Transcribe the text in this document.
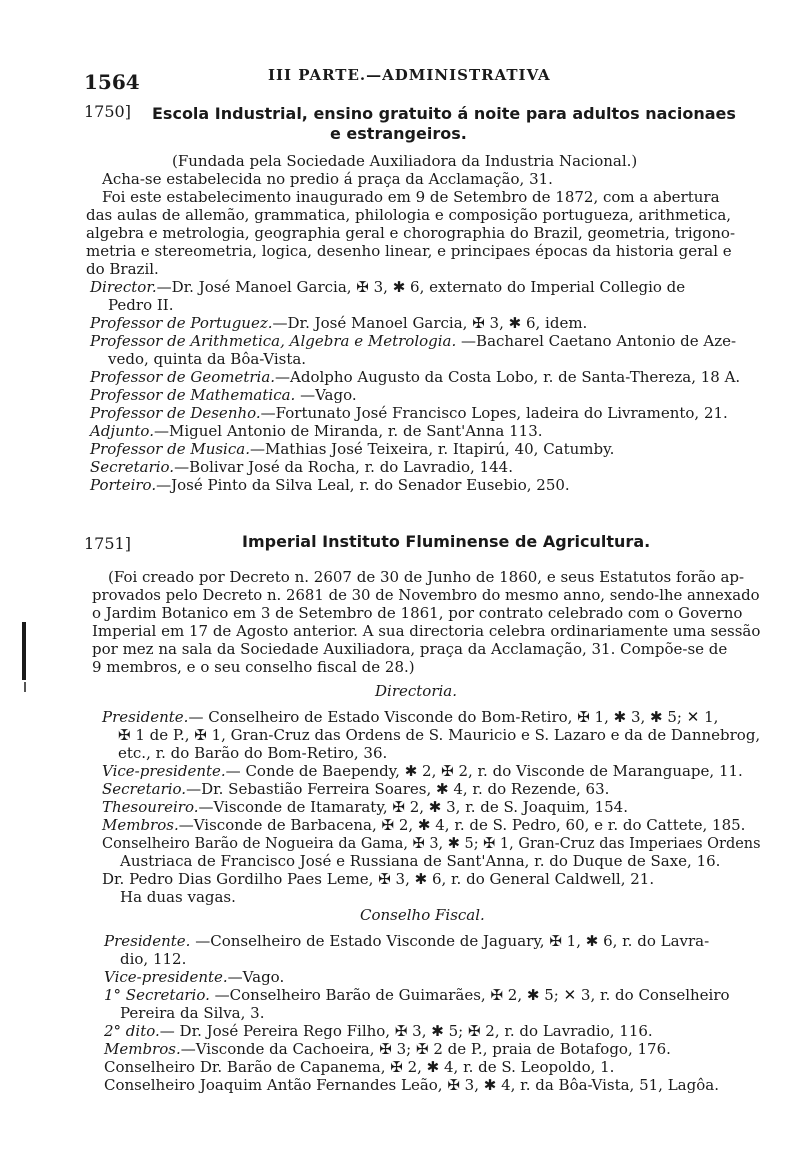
1564	III PARTE.—ADMINISTRATIVA
1750] Escola Industrial, ensino gratuito á noite para adultos nacionaes
e estrangeiros.
(Fundada pela Sociedade Auxiliadora da Industria Nacional.)
Acha-se estabelecida no predio á praça da Acclamação, 31.
Foi este estabelecimento inaugurado em 9 de Setembro de 1872, com a abertura
das aulas de allemão, grammatica, philologia e composição portugueza, arithmetica,
algebra e metrologia, geographia geral e chorographia do Brazil, geometria, trigono-
metria e stereometria, logica, desenho linear, e principaes épocas da historia geral e
do Brazil.
Director.—Dr. José Manoel Garcia, ✠ 3, ✱ 6, externato do Imperial Collegio de
Pedro II.
Professor de Portuguez.—Dr. José Manoel Garcia, ✠ 3, ✱ 6, idem.
Professor de Arithmetica, Algebra e Metrologia. —Bacharel Caetano Antonio de Aze-
vedo, quinta da Bôa-Vista.
Professor de Geometria.—Adolpho Augusto da Costa Lobo, r. de Santa-Thereza, 18 A.
Professor de Mathematica. —Vago.
Professor de Desenho.—Fortunato José Francisco Lopes, ladeira do Livramento, 21.
Adjunto.—Miguel Antonio de Miranda, r. de Sant'Anna 113.
Professor de Musica.—Mathias José Teixeira, r. Itapirú, 40, Catumby.
Secretario.—Bolivar José da Rocha, r. do Lavradio, 144.
Porteiro.—José Pinto da Silva Leal, r. do Senador Eusebio, 250.
1751]	Imperial Instituto Fluminense de Agricultura.
(Foi creado por Decreto n. 2607 de 30 de Junho de 1860, e seus Estatutos forão ap-
provados pelo Decreto n. 2681 de 30 de Novembro do mesmo anno, sendo-lhe annexado
o Jardim Botanico em 3 de Setembro de 1861, por contrato celebrado com o Governo
Imperial em 17 de Agosto anterior. A sua directoria celebra ordinariamente uma sessão
por mez na sala da Sociedade Auxiliadora, praça da Acclamação, 31. Compõe-se de
9 membros, e o seu conselho fiscal de 28.)
Directoria.
Presidente.— Conselheiro de Estado Visconde do Bom-Retiro, ✠ 1, ✱ 3, ✱ 5; ✕ 1,
✠ 1 de P., ✠ 1, Gran-Cruz das Ordens de S. Mauricio e S. Lazaro e da de Dannebrog,
etc., r. do Barão do Bom-Retiro, 36.
Vice-presidente.— Conde de Baependy, ✱ 2, ✠ 2, r. do Visconde de Maranguape, 11.
Secretario.—Dr. Sebastião Ferreira Soares, ✱ 4, r. do Rezende, 63.
Thesoureiro.—Visconde de Itamaraty, ✠ 2, ✱ 3, r. de S. Joaquim, 154.
Membros.—Visconde de Barbacena, ✠ 2, ✱ 4, r. de S. Pedro, 60, e r. do Cattete, 185.
Conselheiro Barão de Nogueira da Gama, ✠ 3, ✱ 5; ✠ 1, Gran-Cruz das Imperiaes Ordens
Austriaca de Francisco José e Russiana de Sant'Anna, r. do Duque de Saxe, 16.
Dr. Pedro Dias Gordilho Paes Leme, ✠ 3, ✱ 6, r. do General Caldwell, 21.
Ha duas vagas.
Conselho Fiscal.
Presidente. —Conselheiro de Estado Visconde de Jaguary, ✠ 1, ✱ 6, r. do Lavra-
dio, 112.
Vice-presidente.—Vago.
1° Secretario. —Conselheiro Barão de Guimarães, ✠ 2, ✱ 5; ✕ 3, r. do Conselheiro
Pereira da Silva, 3.
2° dito.— Dr. José Pereira Rego Filho, ✠ 3, ✱ 5; ✠ 2, r. do Lavradio, 116.
Membros.—Visconde da Cachoeira, ✠ 3; ✠ 2 de P., praia de Botafogo, 176.
Conselheiro Dr. Barão de Capanema, ✠ 2, ✱ 4, r. de S. Leopoldo, 1.
Conselheiro Joaquim Antão Fernandes Leão, ✠ 3, ✱ 4, r. da Bôa-Vista, 51, Lagôa.
